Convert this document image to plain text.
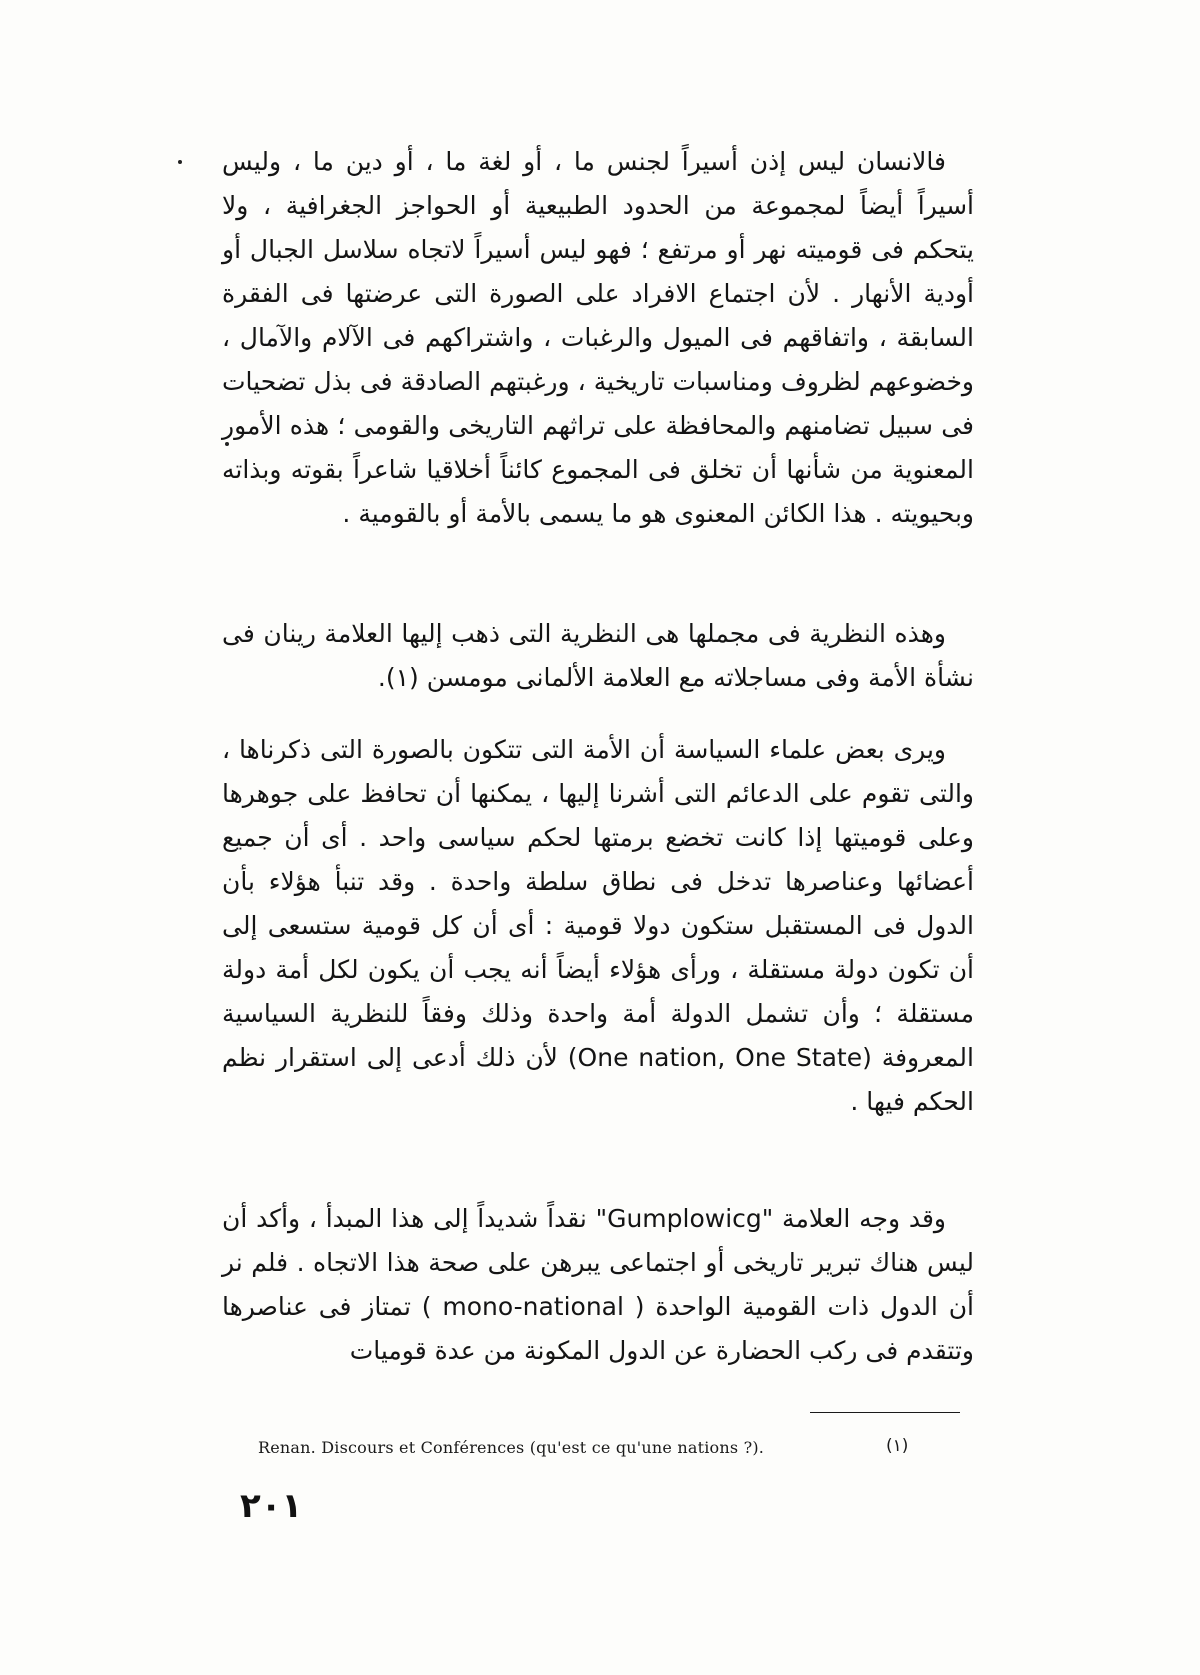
فالانسان ليس إذن أسيراً لجنس ما ، أو لغة ما ، أو دين ما ، وليس أسيراً أيضاً لمجموعة من الحدود الطبيعية أو الحواجز الجغرافية ، ولا يتحكم فى قوميته نهر أو مرتفع ؛ فهو ليس أسيراً لاتجاه سلاسل الجبال أو أودية الأنهار . لأن اجتماع الافراد على الصورة التى عرضتها فى الفقرة السابقة ، واتفاقهم فى الميول والرغبات ، واشتراكهم فى الآلام والآمال ، وخضوعهم لظروف ومناسبات تاريخية ، ورغبتهم الصادقة فى بذل تضحيات فى سبيل تضامنهم والمحافظة على تراثهم التاريخى والقومى ؛ هذه الأمور المعنوية من شأنها أن تخلق فى المجموع كائناً أخلاقيا شاعراً بقوته وبذاته وبحيويته . هذا الكائن المعنوى هو ما يسمى بالأمة أو بالقومية .

وهذه النظرية فى مجملها هى النظرية التى ذهب إليها العلامة رينان فى نشأة الأمة وفى مساجلاته مع العلامة الألمانى مومسن (١).

ويرى بعض علماء السياسة أن الأمة التى تتكون بالصورة التى ذكرناها ، والتى تقوم على الدعائم التى أشرنا إليها ، يمكنها أن تحافظ على جوهرها وعلى قوميتها إذا كانت تخضع برمتها لحكم سياسى واحد . أى أن جميع أعضائها وعناصرها تدخل فى نطاق سلطة واحدة . وقد تنبأ هؤلاء بأن الدول فى المستقبل ستكون دولا قومية : أى أن كل قومية ستسعى إلى أن تكون دولة مستقلة ، ورأى هؤلاء أيضاً أنه يجب أن يكون لكل أمة دولة مستقلة ؛ وأن تشمل الدولة أمة واحدة وذلك وفقاً للنظرية السياسية المعروفة (One nation, One State) لأن ذلك أدعى إلى استقرار نظم الحكم فيها .

وقد وجه العلامة "Gumplowicg" نقداً شديداً إلى هذا المبدأ ، وأكد أن ليس هناك تبرير تاريخى أو اجتماعى يبرهن على صحة هذا الاتجاه . فلم نر أن الدول ذات القومية الواحدة ( mono-national ) تمتاز فى عناصرها وتتقدم فى ركب الحضارة عن الدول المكونة من عدة قوميات

Renan. Discours et Conférences (qu'est ce qu'une nations ?).	(١)
٢٠١
